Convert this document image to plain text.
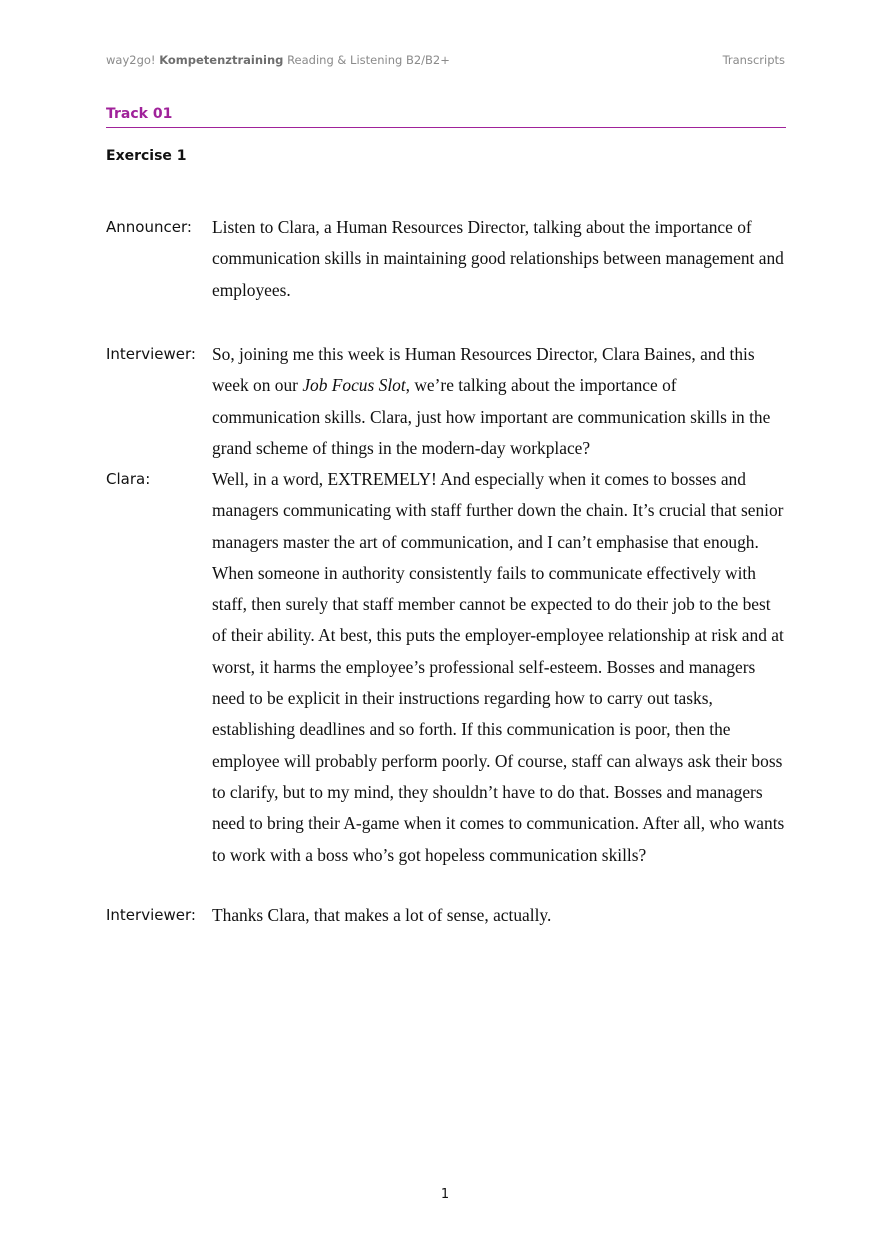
way2go! Kompetenztraining Reading & Listening B2/B2+	Transcripts
Track 01
Exercise 1
Announcer: Listen to Clara, a Human Resources Director, talking about the importance of communication skills in maintaining good relationships between management and employees.
Interviewer: So, joining me this week is Human Resources Director, Clara Baines, and this week on our Job Focus Slot, we’re talking about the importance of communication skills. Clara, just how important are communication skills in the grand scheme of things in the modern-day workplace?
Clara:	Well, in a word, EXTREMELY! And especially when it comes to bosses and managers communicating with staff further down the chain. It’s crucial that senior managers master the art of communication, and I can’t emphasise that enough. When someone in authority consistently fails to communicate effectively with staff, then surely that staff member cannot be expected to do their job to the best of their ability. At best, this puts the employer-employee relationship at risk and at worst, it harms the employee’s professional self-esteem. Bosses and managers need to be explicit in their instructions regarding how to carry out tasks, establishing deadlines and so forth. If this communication is poor, then the employee will probably perform poorly. Of course, staff can always ask their boss to clarify, but to my mind, they shouldn’t have to do that. Bosses and managers need to bring their A-game when it comes to communication. After all, who wants to work with a boss who’s got hopeless communication skills?
Interviewer: Thanks Clara, that makes a lot of sense, actually.
1
